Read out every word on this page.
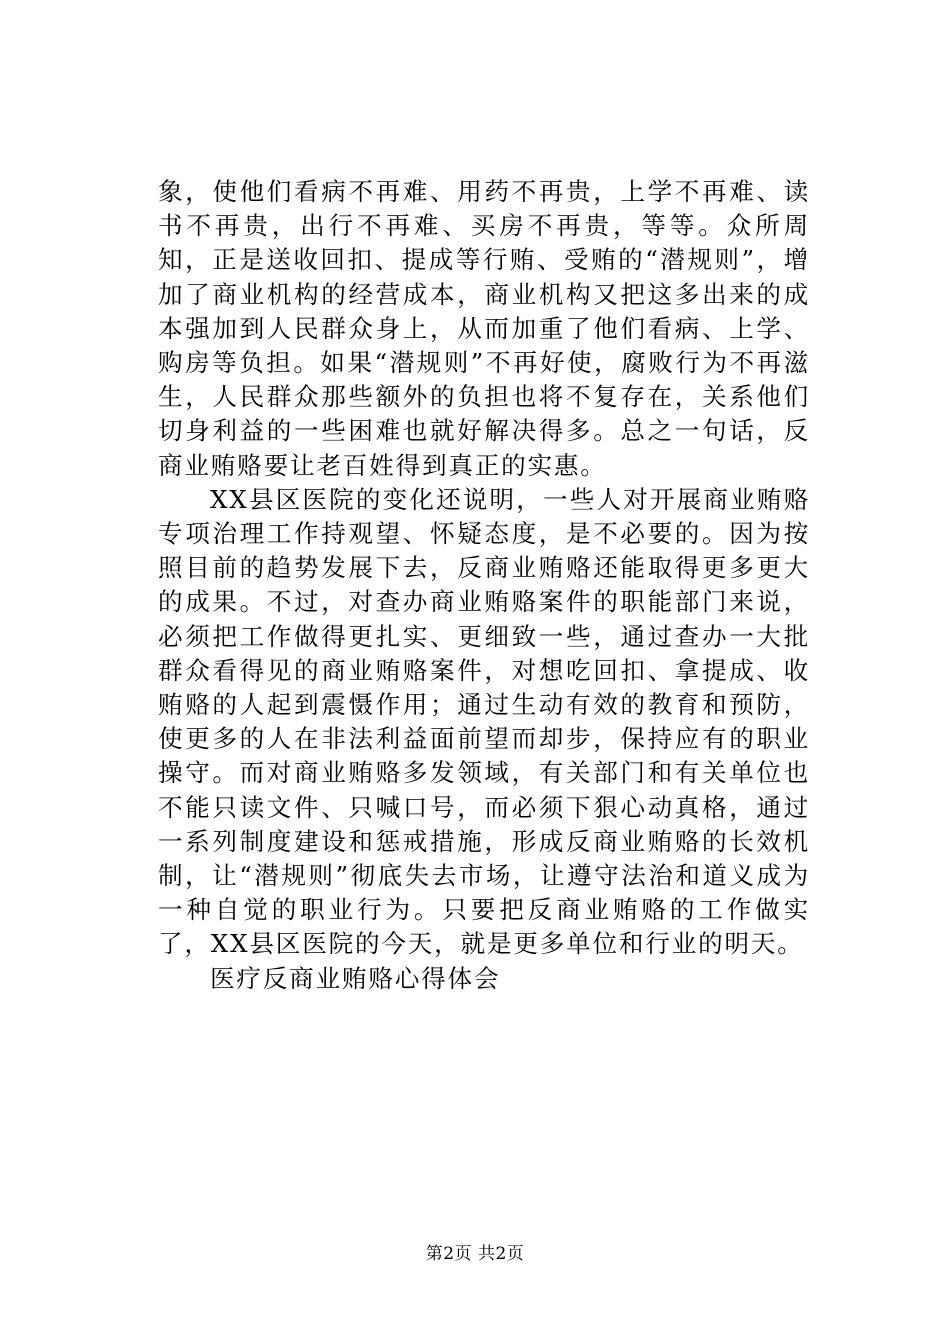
象，使他们看病不再难、用药不再贵，上学不再难、读书不再贵，出行不再难、买房不再贵，等等。众所周知，正是送收回扣、提成等行贿、受贿的“潜规则”，增加了商业机构的经营成本，商业机构又把这多出来的成本强加到人民群众身上，从而加重了他们看病、上学、购房等负担。如果“潜规则”不再好使，腐败行为不再滋生，人民群众那些额外的负担也将不复存在，关系他们切身利益的一些困难也就好解决得多。总之一句话，反商业贿赂要让老百姓得到真正的实惠。

XX县区医院的变化还说明，一些人对开展商业贿赂专项治理工作持观望、怀疑态度，是不必要的。因为按照目前的趋势发展下去，反商业贿赂还能取得更多更大的成果。不过，对查办商业贿赂案件的职能部门来说，必须把工作做得更扎实、更细致一些，通过查办一大批群众看得见的商业贿赂案件，对想吃回扣、拿提成、收贿赂的人起到震慑作用；通过生动有效的教育和预防，使更多的人在非法利益面前望而却步，保持应有的职业操守。而对商业贿赂多发领域，有关部门和有关单位也不能只读文件、只喊口号，而必须下狠心动真格，通过一系列制度建设和惩戒措施，形成反商业贿赂的长效机制，让“潜规则”彻底失去市场，让遵守法治和道义成为一种自觉的职业行为。只要把反商业贿赂的工作做实了，XX县区医院的今天，就是更多单位和行业的明天。

医疗反商业贿赂心得体会

第2页 共2页
